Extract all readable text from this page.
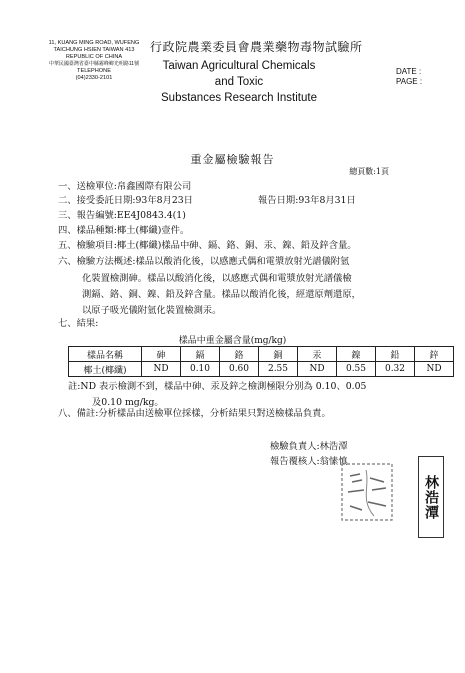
11, KUANG MING ROAD, WUFENG
TAICHUNG HSIEN TAIWAN 413
REPUBLIC OF CHINA
中華民國臺灣省臺中縣霧峰鄉光明路11號
TELEPHONE
(04)2330-2101
行政院農業委員會農業藥物毒物試驗所
Taiwan Agricultural Chemicals and Toxic
Substances Research Institute
DATE :
PAGE :
重金屬檢驗報告
總頁數:1頁
一、送檢單位:帛鑫國際有限公司
二、接受委託日期:93年8月23日	報告日期:93年8月31日
三、報告編號:EE4J0843.4(1)
四、樣品種類:椰土(椰纖)壹件。
五、檢驗項目:椰土(椰纖)樣品中砷、鎘、鉻、銅、汞、鎳、鉛及鋅含量。
六、檢驗方法概述:樣品以酸消化後，以感應式偶和電漿放射光譜儀附氫
化裝置檢測砷。樣品以酸消化後，以感應式偶和電漿放射光譜儀檢
測鎘、鉻、銅、鎳、鉛及鋅含量。樣品以酸消化後，經還原劑還原，
以原子吸光儀附氫化裝置檢測汞。
七、結果:
樣品中重金屬含量(mg/kg)
樣品名稱	砷	鎘	鉻	銅	汞	鎳	鉛	鋅
椰土(椰纖)	ND	0.10	0.60	2.55	ND	0.55	0.32	ND
註:ND 表示檢測不到，樣品中砷、汞及鋅之檢測極限分別為 0.10、0.05
及0.10 mg/kg。
八、備註:分析樣品由送檢單位採樣，分析結果只對送檢樣品負責。
檢驗負責人:林浩潭
報告覆核人:翁愫慎
林浩潭
